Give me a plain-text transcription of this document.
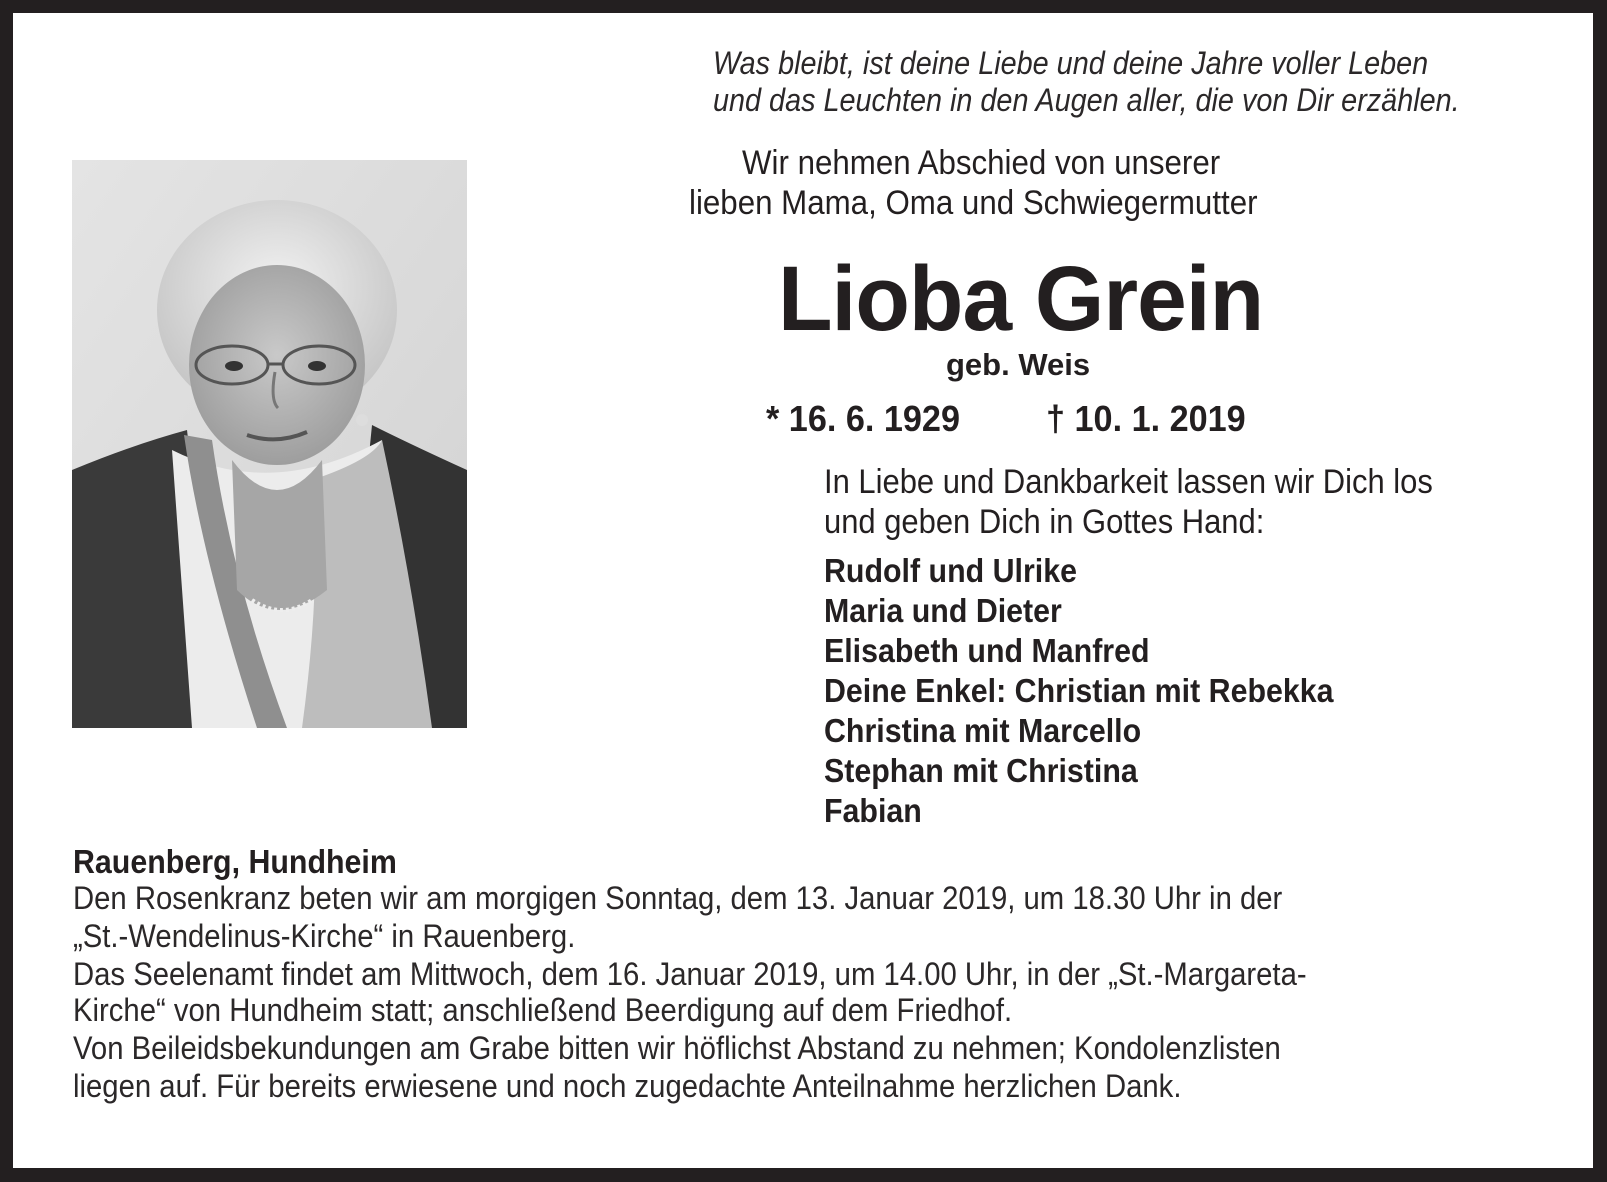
Was bleibt, ist deine Liebe und deine Jahre voller Leben
und das Leuchten in den Augen aller, die von Dir erzählen.
Wir nehmen Abschied von unserer
lieben Mama, Oma und Schwiegermutter
Lioba Grein
geb. Weis
* 16. 6. 1929 † 10. 1. 2019
In Liebe und Dankbarkeit lassen wir Dich los
und geben Dich in Gottes Hand:
Rudolf und Ulrike
Maria und Dieter
Elisabeth und Manfred
Deine Enkel: Christian mit Rebekka
Christina mit Marcello
Stephan mit Christina
Fabian
Rauenberg, Hundheim
Den Rosenkranz beten wir am morgigen Sonntag, dem 13. Januar 2019, um 18.30 Uhr in der
„St.-Wendelinus-Kirche“ in Rauenberg.
Das Seelenamt findet am Mittwoch, dem 16. Januar 2019, um 14.00 Uhr, in der „St.-Margareta-
Kirche“ von Hundheim statt; anschließend Beerdigung auf dem Friedhof.
Von Beileidsbekundungen am Grabe bitten wir höflichst Abstand zu nehmen; Kondolenzlisten
liegen auf. Für bereits erwiesene und noch zugedachte Anteilnahme herzlichen Dank.
